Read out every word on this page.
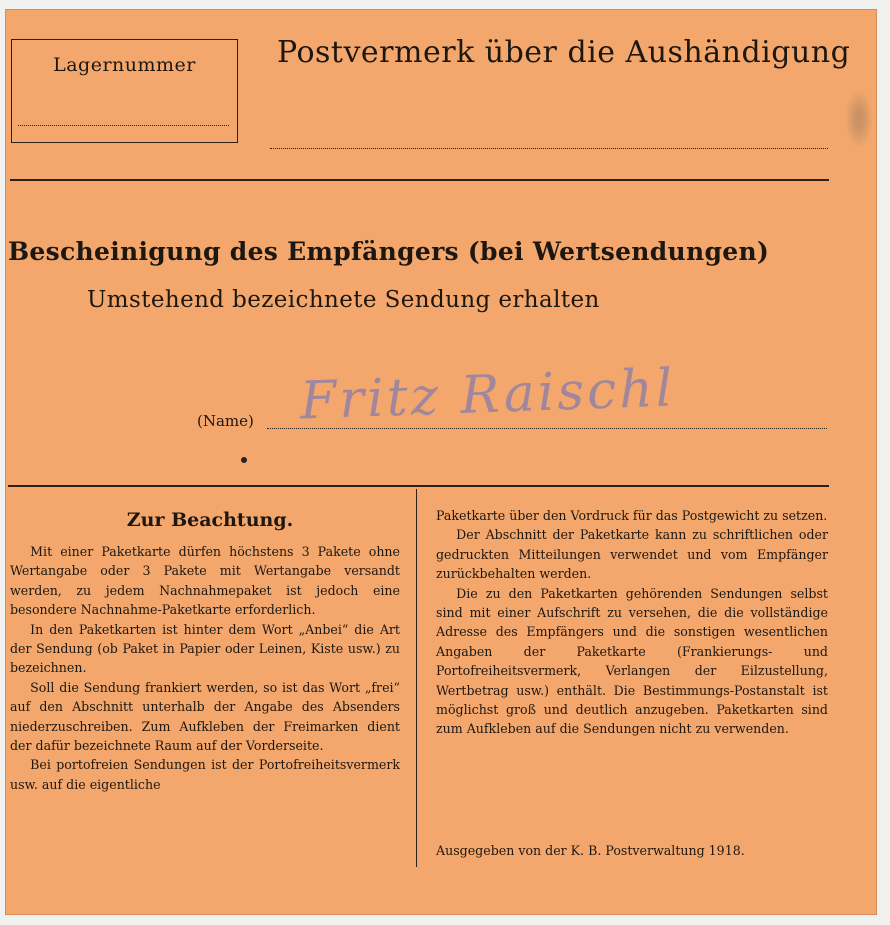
Lagernummer	Postvermerk über die Aushändigung
Bescheinigung des Empfängers (bei Wertsendungen)
Umstehend bezeichnete Sendung erhalten
(Name) Fritz Raischl
Zur Beachtung.

Mit einer Paketkarte dürfen höchstens 3 Pakete ohne Wertangabe oder 3 Pakete mit Wertangabe versandt werden, zu jedem Nachnahmepaket ist jedoch eine besondere Nachnahme-Paketkarte erforderlich.

In den Paketkarten ist hinter dem Wort „Anbei“ die Art der Sendung (ob Paket in Papier oder Leinen, Kiste usw.) zu bezeichnen.

Soll die Sendung frankiert werden, so ist das Wort „frei“ auf den Abschnitt unterhalb der Angabe des Absenders niederzuschreiben. Zum Aufkleben der Freimarken dient der dafür bezeichnete Raum auf der Vorderseite.

Bei portofreien Sendungen ist der Portofreiheitsvermerk usw. auf die eigentliche

Paketkarte über den Vordruck für das Postgewicht zu setzen.

Der Abschnitt der Paketkarte kann zu schriftlichen oder gedruckten Mitteilungen verwendet und vom Empfänger zurückbehalten werden.

Die zu den Paketkarten gehörenden Sendungen selbst sind mit einer Aufschrift zu versehen, die die vollständige Adresse des Empfängers und die sonstigen wesentlichen Angaben der Paketkarte (Frankierungs- und Portofreiheitsvermerk, Verlangen der Eilzustellung, Wertbetrag usw.) enthält. Die Bestimmungs-Postanstalt ist möglichst groß und deutlich anzugeben. Paketkarten sind zum Aufkleben auf die Sendungen nicht zu verwenden.

Ausgegeben von der K. B. Postverwaltung 1918.
